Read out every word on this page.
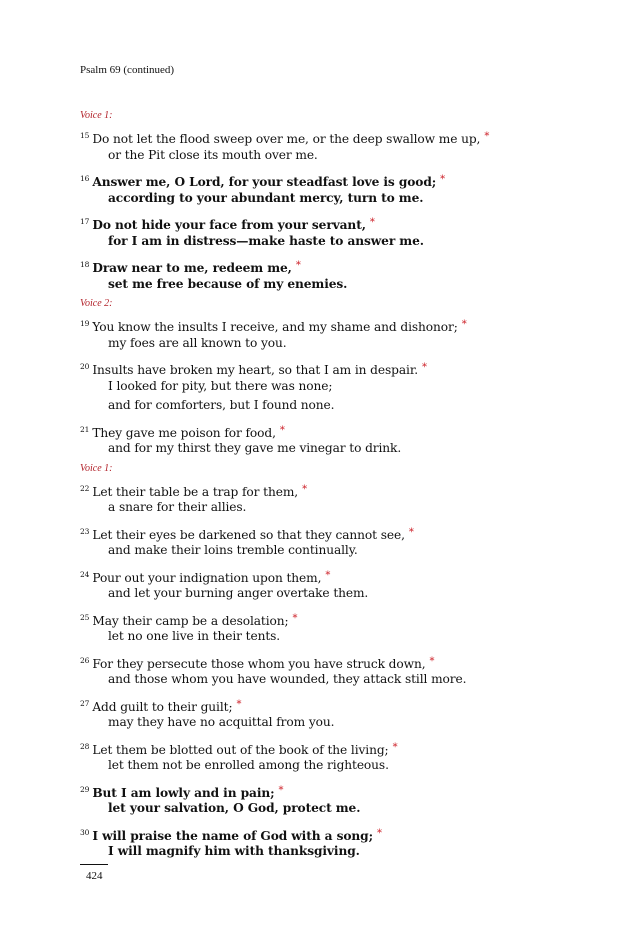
Psalm 69 (continued)
Voice 1:
$^{15}$ Do not let the flood sweep over me, or the deep swallow me up, *
or the Pit close its mouth over me.
$^{16}$ Answer me, O Lord, for your steadfast love is good; *
according to your abundant mercy, turn to me.
$^{17}$ Do not hide your face from your servant, *
for I am in distress—make haste to answer me.
$^{18}$ Draw near to me, redeem me, *
set me free because of my enemies.
Voice 2:
$^{19}$ You know the insults I receive, and my shame and dishonor; *
my foes are all known to you.
$^{20}$ Insults have broken my heart, so that I am in despair. *
I looked for pity, but there was none;
and for comforters, but I found none.
$^{21}$ They gave me poison for food, *
and for my thirst they gave me vinegar to drink.
Voice 1:
$^{22}$ Let their table be a trap for them, *
a snare for their allies.
$^{23}$ Let their eyes be darkened so that they cannot see, *
and make their loins tremble continually.
$^{24}$ Pour out your indignation upon them, *
and let your burning anger overtake them.
$^{25}$ May their camp be a desolation; *
let no one live in their tents.
$^{26}$ For they persecute those whom you have struck down, *
and those whom you have wounded, they attack still more.
$^{27}$ Add guilt to their guilt; *
may they have no acquittal from you.
$^{28}$ Let them be blotted out of the book of the living; *
let them not be enrolled among the righteous.
$^{29}$ But I am lowly and in pain; *
let your salvation, O God, protect me.
$^{30}$ I will praise the name of God with a song; *
I will magnify him with thanksgiving.
424
